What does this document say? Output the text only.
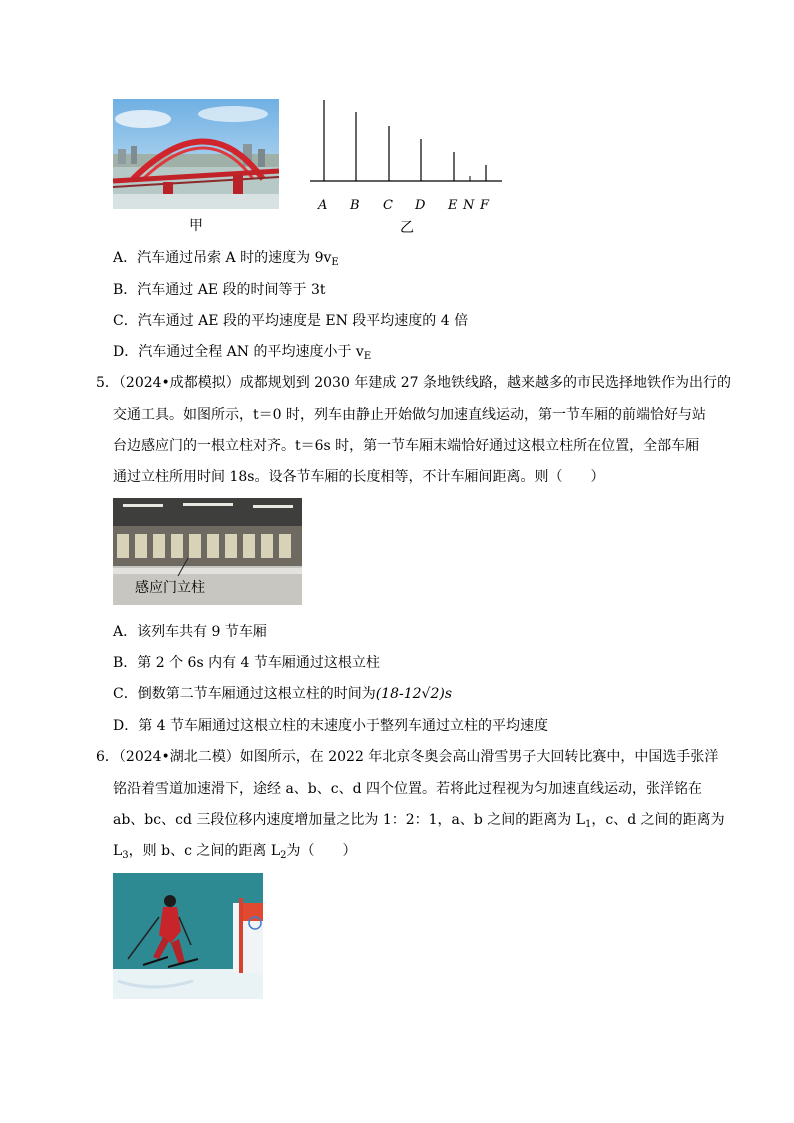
甲
A B C D E N F
乙
A．汽车通过吊索 A 时的速度为 $9v_E$
B．汽车通过 AE 段的时间等于 3t
C．汽车通过 AE 段的平均速度是 EN 段平均速度的 4 倍
D．汽车通过全程 AN 的平均速度小于 $v_E$
5．（2024•成都模拟）成都规划到 2030 年建成 27 条地铁线路，越来越多的市民选择地铁作为出行的
交通工具。如图所示，t＝0 时，列车由静止开始做匀加速直线运动，第一节车厢的前端恰好与站
台边感应门的一根立柱对齐。t＝6s 时，第一节车厢末端恰好通过这根立柱所在位置，全部车厢
通过立柱所用时间 18s。设各节车厢的长度相等，不计车厢间距离。则（　　）
感应门立柱
A．该列车共有 9 节车厢
B．第 2 个 6s 内有 4 节车厢通过这根立柱
C．倒数第二节车厢通过这根立柱的时间为(18-12√2)s
D．第 4 节车厢通过这根立柱的末速度小于整列车通过立柱的平均速度
6．（2024•湖北二模）如图所示，在 2022 年北京冬奥会高山滑雪男子大回转比赛中，中国选手张洋
铭沿着雪道加速滑下，途经 a、b、c、d 四个位置。若将此过程视为匀加速直线运动，张洋铭在
ab、bc、cd 三段位移内速度增加量之比为 1：2：1，a、b 之间的距离为 $L_1$，c、d 之间的距离为
$L_3$，则 b、c 之间的距离 $L_2$为（　　）
